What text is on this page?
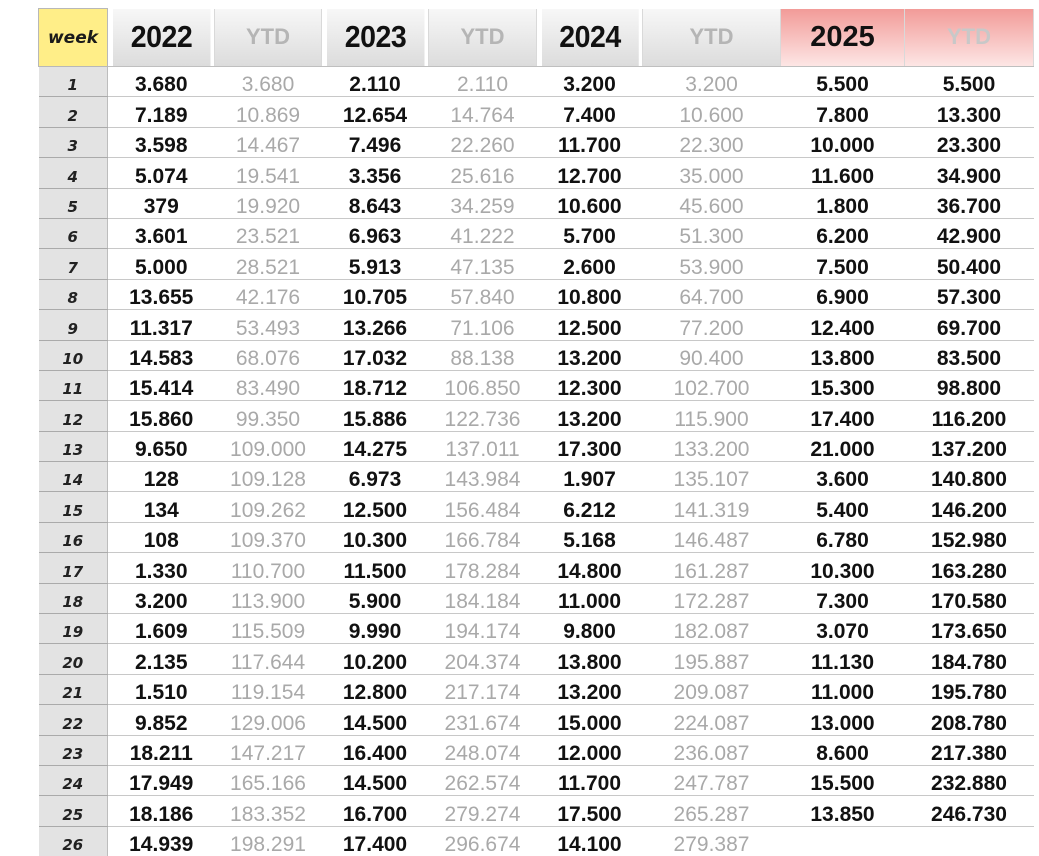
week	2022	YTD	2023	YTD	2024	YTD	2025	YTD
1	3.680	3.680	2.110	2.110	3.200	3.200	5.500	5.500
2	7.189	10.869	12.654	14.764	7.400	10.600	7.800	13.300
3	3.598	14.467	7.496	22.260	11.700	22.300	10.000	23.300
4	5.074	19.541	3.356	25.616	12.700	35.000	11.600	34.900
5	379	19.920	8.643	34.259	10.600	45.600	1.800	36.700
6	3.601	23.521	6.963	41.222	5.700	51.300	6.200	42.900
7	5.000	28.521	5.913	47.135	2.600	53.900	7.500	50.400
8	13.655	42.176	10.705	57.840	10.800	64.700	6.900	57.300
9	11.317	53.493	13.266	71.106	12.500	77.200	12.400	69.700
10	14.583	68.076	17.032	88.138	13.200	90.400	13.800	83.500
11	15.414	83.490	18.712	106.850	12.300	102.700	15.300	98.800
12	15.860	99.350	15.886	122.736	13.200	115.900	17.400	116.200
13	9.650	109.000	14.275	137.011	17.300	133.200	21.000	137.200
14	128	109.128	6.973	143.984	1.907	135.107	3.600	140.800
15	134	109.262	12.500	156.484	6.212	141.319	5.400	146.200
16	108	109.370	10.300	166.784	5.168	146.487	6.780	152.980
17	1.330	110.700	11.500	178.284	14.800	161.287	10.300	163.280
18	3.200	113.900	5.900	184.184	11.000	172.287	7.300	170.580
19	1.609	115.509	9.990	194.174	9.800	182.087	3.070	173.650
20	2.135	117.644	10.200	204.374	13.800	195.887	11.130	184.780
21	1.510	119.154	12.800	217.174	13.200	209.087	11.000	195.780
22	9.852	129.006	14.500	231.674	15.000	224.087	13.000	208.780
23	18.211	147.217	16.400	248.074	12.000	236.087	8.600	217.380
24	17.949	165.166	14.500	262.574	11.700	247.787	15.500	232.880
25	18.186	183.352	16.700	279.274	17.500	265.287	13.850	246.730
26	14.939	198.291	17.400	296.674	14.100	279.387		
